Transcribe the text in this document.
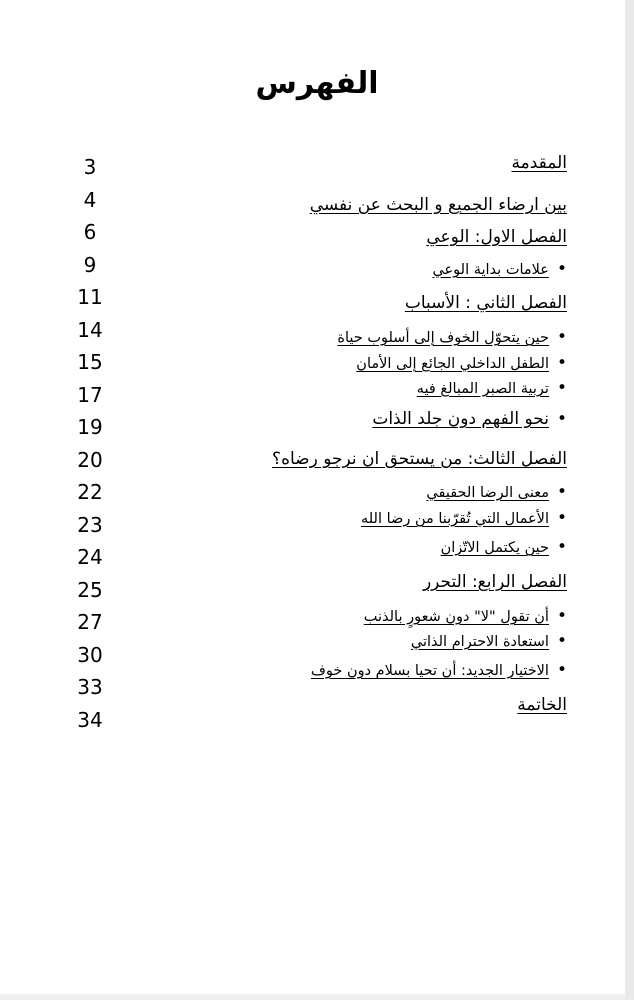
الفهرس
المقدمة
بين ارضاء الجميع و البحث عن نفسي
الفصل الاول: الوعي
• علامات بداية الوعي
الفصل الثاني : الأسباب
• حين يتحوّل الخوف إلى أسلوب حياة
• الطفل الداخلي الجائع إلى الأمان
• تربية الصبر المبالغ فيه
• نحو الفهم دون جلد الذات
الفصل الثالث: من يستحق ان نرجو رضاه؟
• معنى الرضا الحقيقي
• الأعمال التي تُقرّبنا من رضا الله
• حين يكتمل الاتّزان
الفصل الرابع: التحرر
• أن تقول "لا" دون شعورٍ بالذنب
• استعادة الاحترام الذاتي
• الاختيار الجديد: أن تحيا بسلام دون خوف
الخاتمة
3
4
6
9
11
14
15
17
19
20
22
23
24
25
27
30
33
34
